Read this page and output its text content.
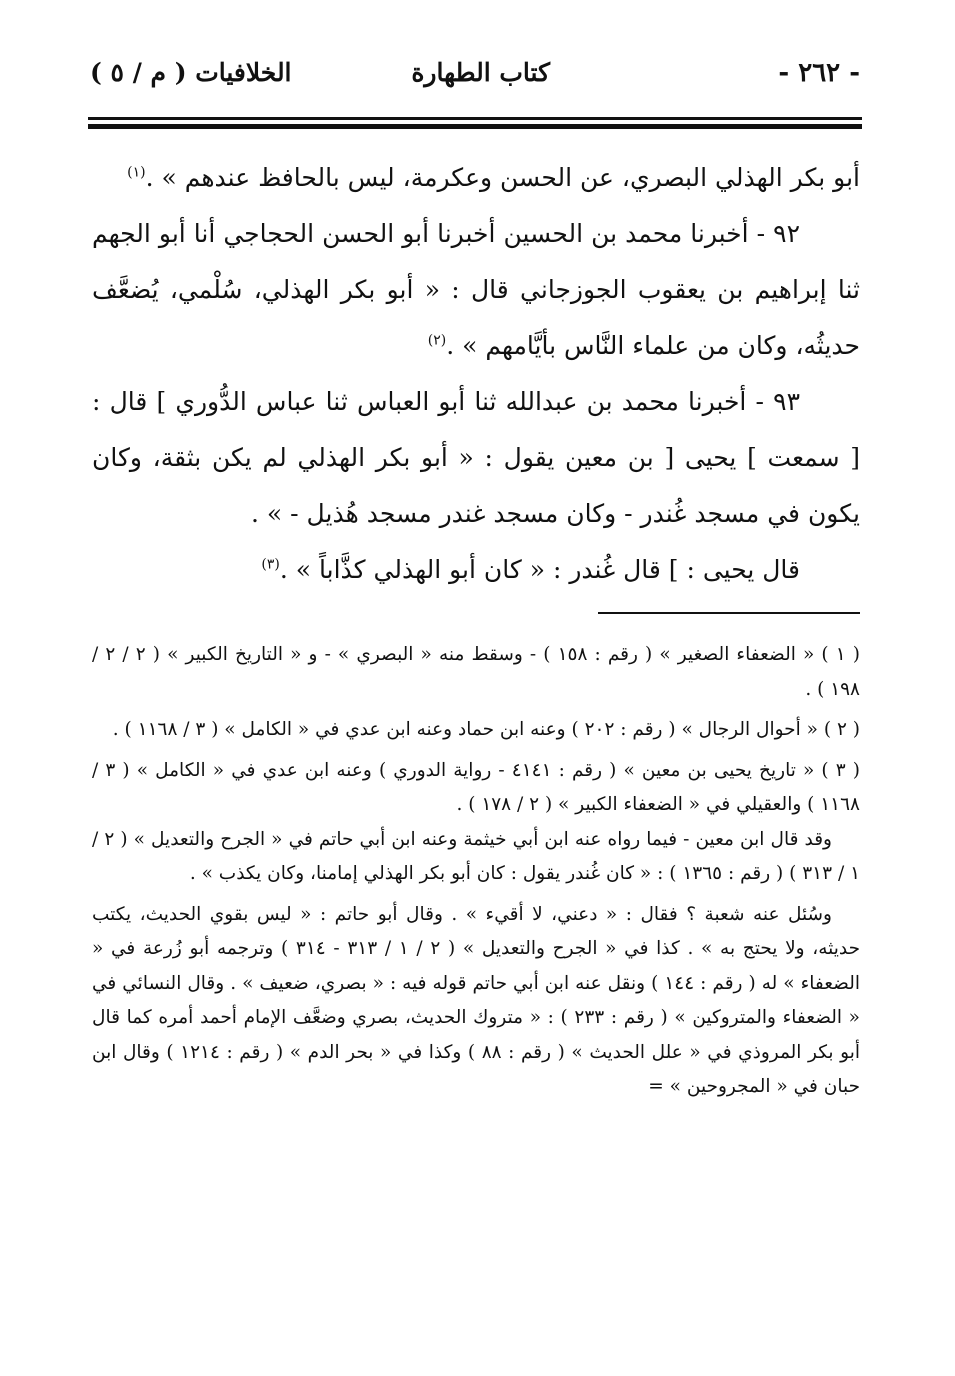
- ٢٦٢ -
كتاب الطهارة
الخلافيات ( م / ٥ )

أبو بكر الهذلي البصري، عن الحسن وعكرمة، ليس بالحافظ عندهم » .$^{(١)}$

٩٢ - أخبرنا محمد بن الحسين أخبرنا أبو الحسن الحجاجي أنا أبو الجهم ثنا إبراهيم بن يعقوب الجوزجاني قال : « أبو بكر الهذلي، سُلْمي، يُضعَّف حديثُه، وكان من علماء النَّاس بأيَّامهم » .$^{(٢)}$

٩٣ - أخبرنا محمد بن عبدالله ثنا أبو العباس ثنا عباس الدُّوري ] قال : [ سمعت ] يحيى [ بن معين يقول : « أبو بكر الهذلي لم يكن بثقة، وكان يكون في مسجد غُندر - وكان مسجد غندر مسجد هُذيل - » .

قال يحيى : ] قال غُندر : « كان أبو الهذلي كذَّاباً » .$^{(٣)}$

( ١ ) « الضعفاء الصغير » ( رقم : ١٥٨ ) - وسقط منه « البصري » - و « التاريخ الكبير » ( ٢ / ٢ / ١٩٨ ) .

( ٢ ) « أحوال الرجال » ( رقم : ٢٠٢ ) وعنه ابن حماد وعنه ابن عدي في « الكامل » ( ٣ / ١١٦٨ ) .

( ٣ ) « تاريخ يحيى بن معين » ( رقم : ٤١٤١ - رواية الدوري ) وعنه ابن عدي في « الكامل » ( ٣ / ١١٦٨ ) والعقيلي في « الضعفاء الكبير » ( ٢ / ١٧٨ ) .

وقد قال ابن معين - فيما رواه عنه ابن أبي خيثمة وعنه ابن أبي حاتم في « الجرح والتعديل » ( ٢ / ١ / ٣١٣ ) ( رقم : ١٣٦٥ ) : « كان غُندر يقول : كان أبو بكر الهذلي إمامنا، وكان يكذب » .

وسُئل عنه شعبة ؟ فقال : « دعني، لا أقيء » . وقال أبو حاتم : « ليس بقوي الحديث، يكتب حديثه، ولا يحتج به » . كذا في « الجرح والتعديل » ( ٢ / ١ / ٣١٣ - ٣١٤ ) وترجمه أبو زُرعة في « الضعفاء » له ( رقم : ١٤٤ ) ونقل عنه ابن أبي حاتم قوله فيه : « بصري، ضعيف » . وقال النسائي في « الضعفاء والمتروكين » ( رقم : ٢٣٣ ) : « متروك الحديث، بصري وضعَّف الإمام أحمد أمره كما قال أبو بكر المروذي في « علل الحديث » ( رقم : ٨٨ ) وكذا في « بحر الدم » ( رقم : ١٢١٤ ) وقال ابن حبان في « المجروحين » =
